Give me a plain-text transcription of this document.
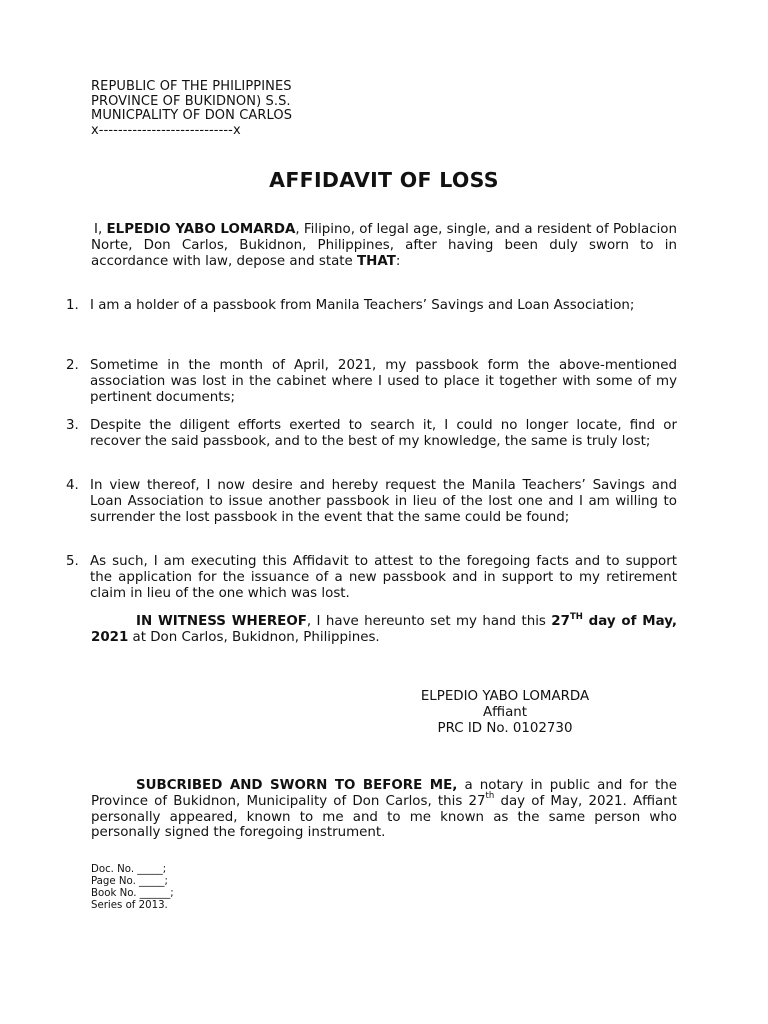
REPUBLIC OF THE PHILIPPINES
PROVINCE OF BUKIDNON) S.S.
MUNICPALITY OF DON CARLOS
x----------------------------x
AFFIDAVIT OF LOSS
I, ELPEDIO YABO LOMARDA, Filipino, of legal age, single, and a resident of Poblacion Norte, Don Carlos, Bukidnon, Philippines, after having been duly sworn to in accordance with law, depose and state THAT:
1. I am a holder of a passbook from Manila Teachers’ Savings and Loan Association;
2. Sometime in the month of April, 2021, my passbook form the above-mentioned association was lost in the cabinet where I used to place it together with some of my pertinent documents;
3. Despite the diligent efforts exerted to search it, I could no longer locate, find or recover the said passbook, and to the best of my knowledge, the same is truly lost;
4. In view thereof, I now desire and hereby request the Manila Teachers’ Savings and Loan Association to issue another passbook in lieu of the lost one and I am willing to surrender the lost passbook in the event that the same could be found;
5. As such, I am executing this Affidavit to attest to the foregoing facts and to support the application for the issuance of a new passbook and in support to my retirement claim in lieu of the one which was lost.
IN WITNESS WHEREOF, I have hereunto set my hand this 27TH day of May, 2021 at Don Carlos, Bukidnon, Philippines.
ELPEDIO YABO LOMARDA
Affiant
PRC ID No. 0102730
SUBCRIBED AND SWORN TO BEFORE ME, a notary in public and for the Province of Bukidnon, Municipality of Don Carlos, this 27th day of May, 2021. Affiant personally appeared, known to me and to me known as the same person who personally signed the foregoing instrument.
Doc. No. _____;
Page No. _____;
Book No. ______;
Series of 2013.
